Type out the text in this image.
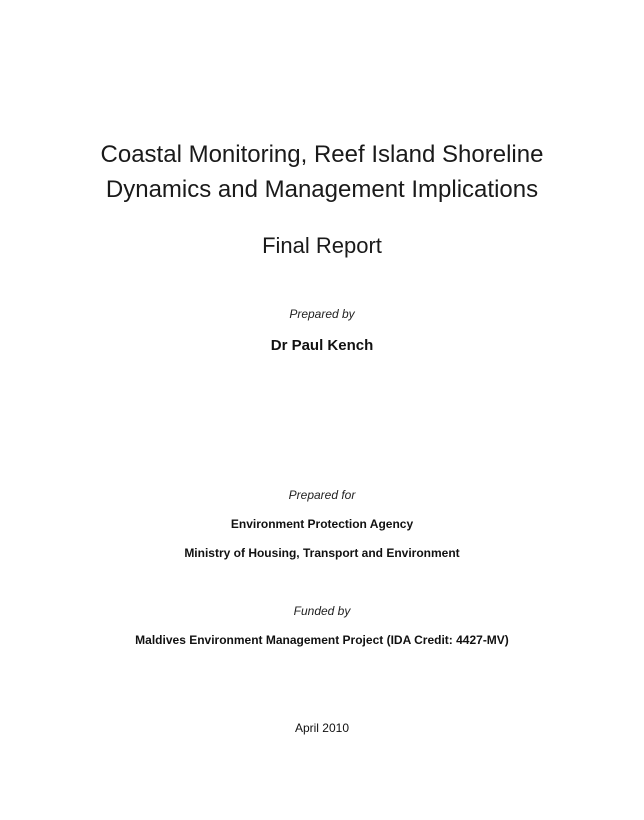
Coastal Monitoring, Reef Island Shoreline
Dynamics and Management Implications
Final Report
Prepared by
Dr Paul Kench
Prepared for
Environment Protection Agency
Ministry of Housing, Transport and Environment
Funded by
Maldives Environment Management Project (IDA Credit: 4427-MV)
April 2010
